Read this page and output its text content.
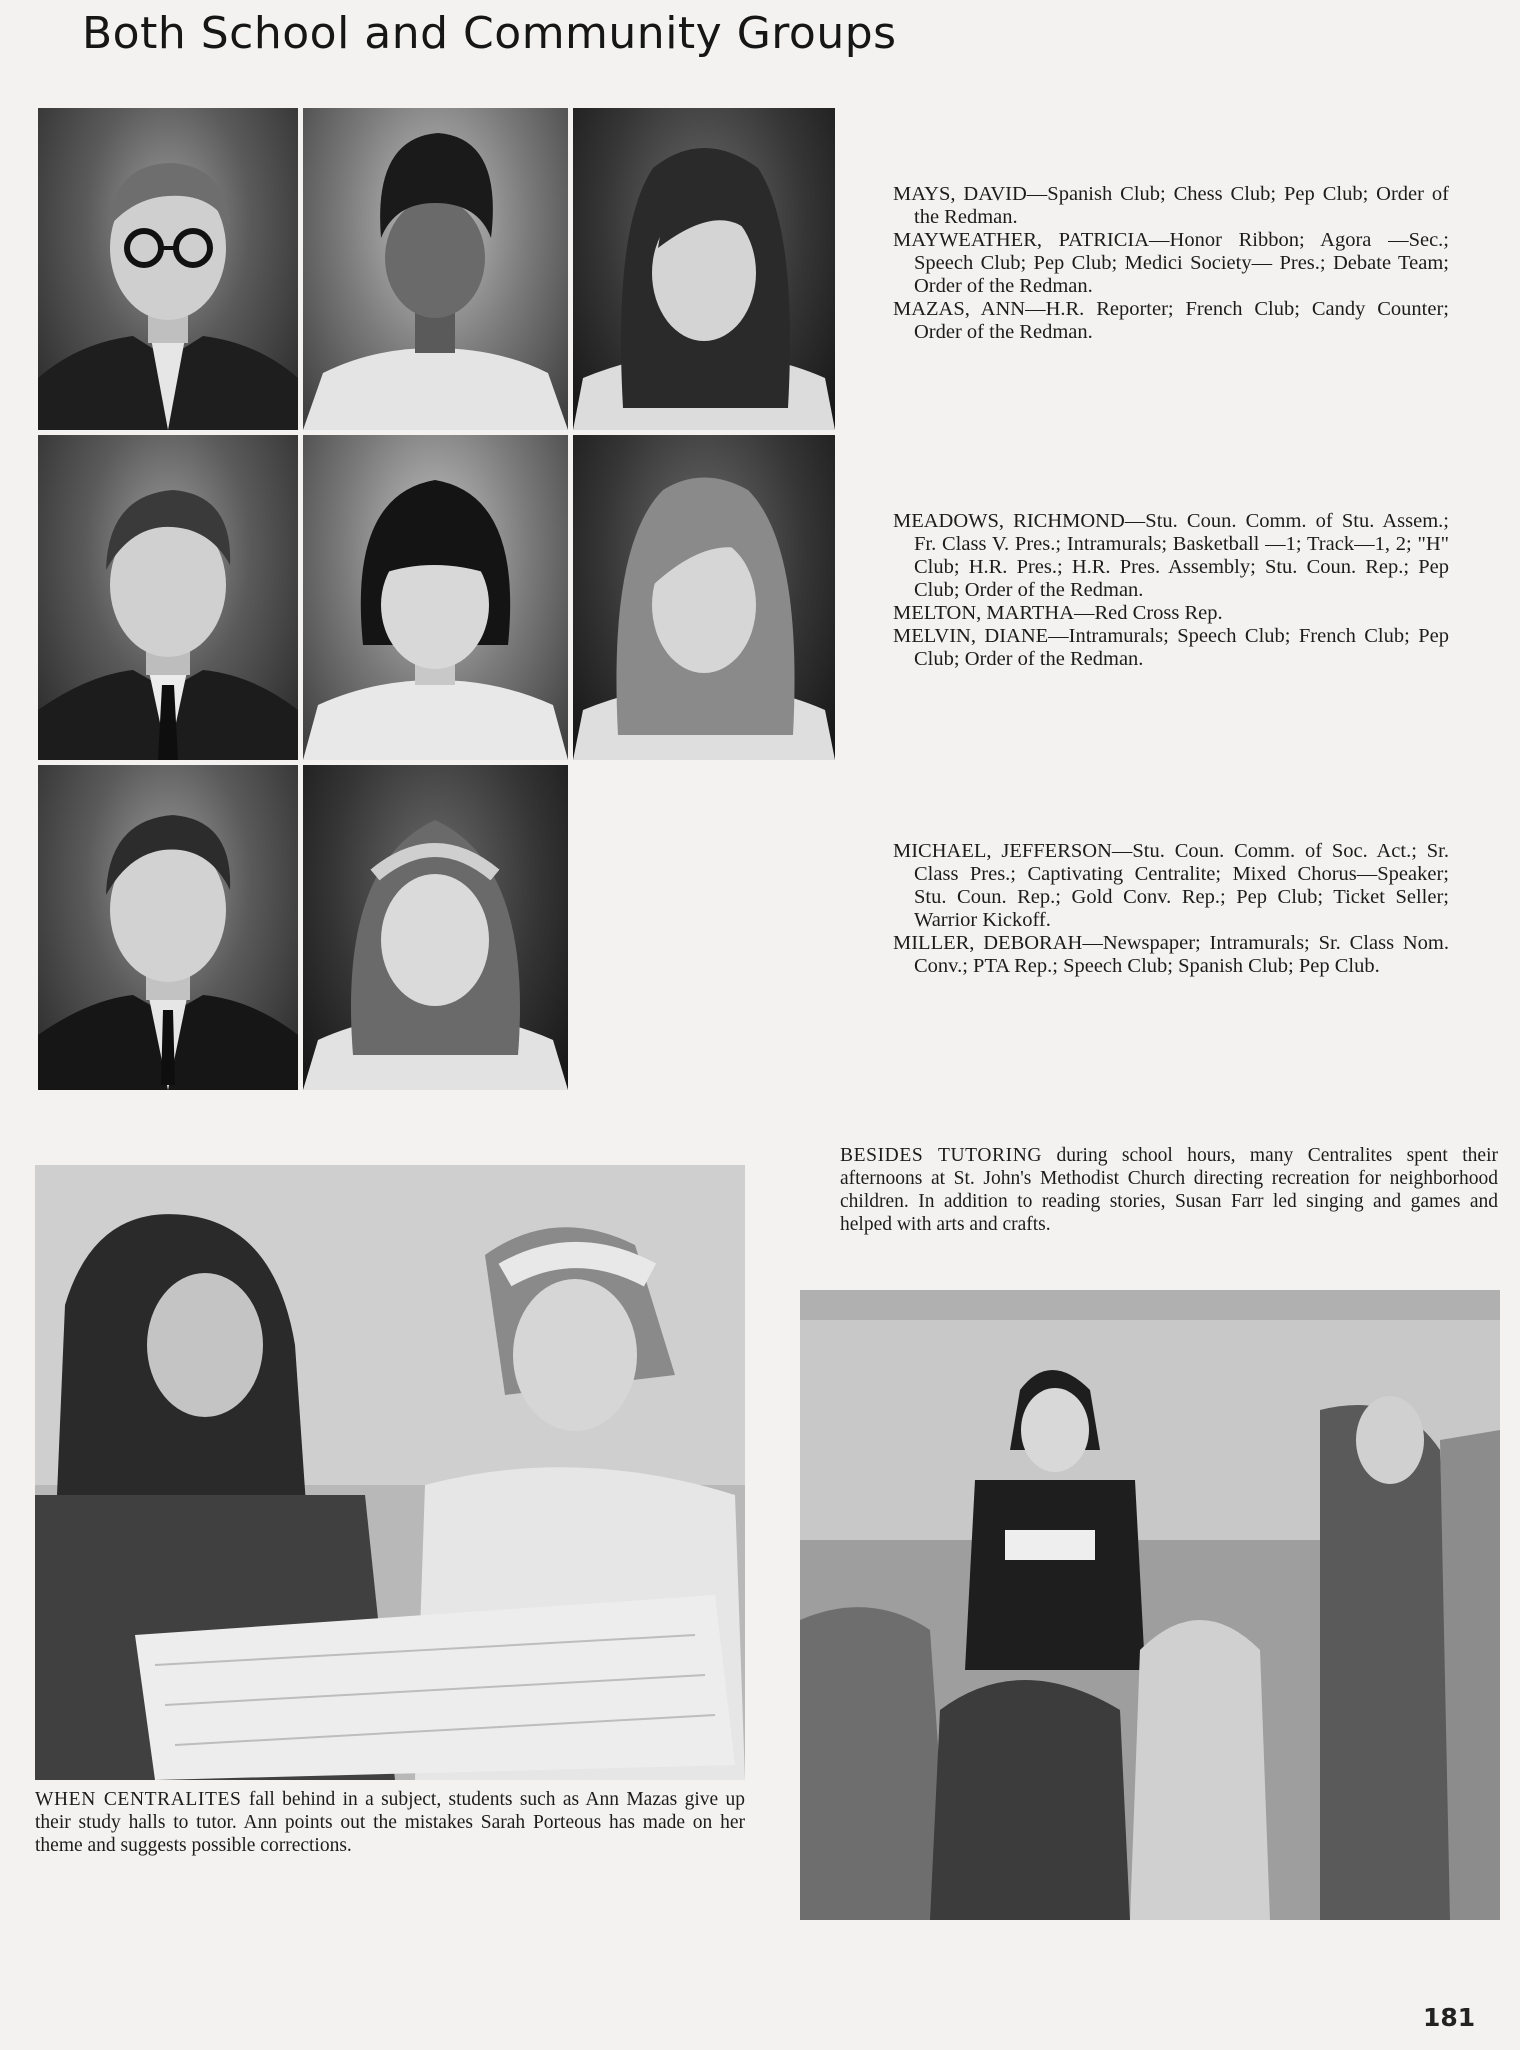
Both School and Community Groups

MAYS, DAVID—Spanish Club; Chess Club; Pep Club; Order of the Redman.

MAYWEATHER, PATRICIA—Honor Ribbon; Agora —Sec.; Speech Club; Pep Club; Medici Society— Pres.; Debate Team; Order of the Redman.

MAZAS, ANN—H.R. Reporter; French Club; Candy Counter; Order of the Redman.

MEADOWS, RICHMOND—Stu. Coun. Comm. of Stu. Assem.; Fr. Class V. Pres.; Intramurals; Basketball —1; Track—1, 2; "H" Club; H.R. Pres.; H.R. Pres. Assembly; Stu. Coun. Rep.; Pep Club; Order of the Redman.

MELTON, MARTHA—Red Cross Rep.

MELVIN, DIANE—Intramurals; Speech Club; French Club; Pep Club; Order of the Redman.

MICHAEL, JEFFERSON—Stu. Coun. Comm. of Soc. Act.; Sr. Class Pres.; Captivating Centralite; Mixed Chorus—Speaker; Stu. Coun. Rep.; Gold Conv. Rep.; Pep Club; Ticket Seller; Warrior Kickoff.

MILLER, DEBORAH—Newspaper; Intramurals; Sr. Class Nom. Conv.; PTA Rep.; Speech Club; Spanish Club; Pep Club.

BESIDES TUTORING during school hours, many Centralites spent their afternoons at St. John's Methodist Church directing recreation for neighborhood children. In addition to reading stories, Susan Farr led singing and games and helped with arts and crafts.
WHEN CENTRALITES fall behind in a subject, students such as Ann Mazas give up their study halls to tutor. Ann points out the mistakes Sarah Porteous has made on her theme and suggests possible corrections.
181
